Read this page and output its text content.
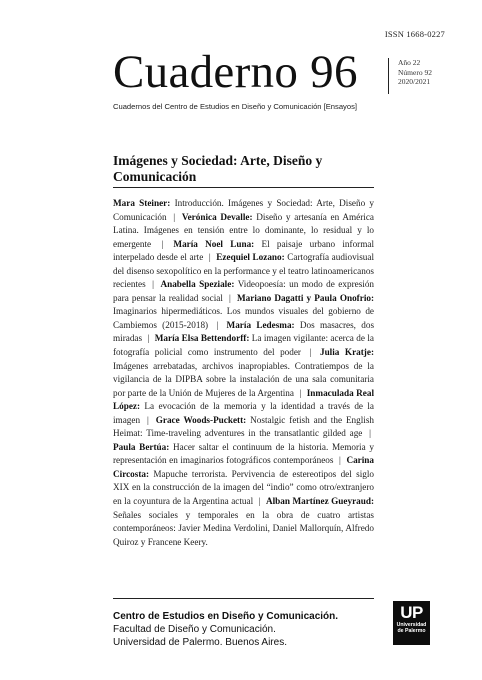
ISSN 1668-0227
Cuaderno 96	Año 22
Número 92
2020/2021
Cuadernos del Centro de Estudios en Diseño y Comunicación [Ensayos]
Imágenes y Sociedad: Arte, Diseño y Comunicación
Mara Steiner: Introducción. Imágenes y Sociedad: Arte, Diseño y Comunicación | Verónica Devalle: Diseño y artesanía en América Latina. Imágenes en tensión entre lo dominante, lo residual y lo emergente | María Noel Luna: El paisaje urbano informal interpelado desde el arte | Ezequiel Lozano: Cartografía audiovisual del disenso sexopolítico en la performance y el teatro latinoamericanos recientes | Anabella Speziale: Videopoesía: un modo de expresión para pensar la realidad social | Mariano Dagatti y Paula Onofrio: Imaginarios hipermediáticos. Los mundos visuales del gobierno de Cambiemos (2015-2018) | María Ledesma: Dos masacres, dos miradas | María Elsa Bettendorff: La imagen vigilante: acerca de la fotografía policial como instrumento del poder | Julia Kratje: Imágenes arrebatadas, archivos inapropiables. Contratiempos de la vigilancia de la DIPBA sobre la instalación de una sala comunitaria por parte de la Unión de Mujeres de la Argentina | Inmaculada Real López: La evocación de la memoria y la identidad a través de la imagen | Grace Woods-Puckett: Nostalgic fetish and the English Heimat: Time-traveling adventures in the transatlantic gilded age | Paula Bertúa: Hacer saltar el continuum de la historia. Memoria y representación en imaginarios fotográficos contemporáneos | Carina Circosta: Mapuche terrorista. Pervivencia de estereotipos del siglo XIX en la construcción de la imagen del “indio” como otro/extranjero en la coyuntura de la Argentina actual | Alban Martínez Gueyraud: Señales sociales y temporales en la obra de cuatro artistas contemporáneos: Javier Medina Verdolini, Daniel Mallorquín, Alfredo Quiroz y Francene Keery.
Centro de Estudios en Diseño y Comunicación.
Facultad de Diseño y Comunicación.
Universidad de Palermo. Buenos Aires.
UP
Universidad
de Palermo
